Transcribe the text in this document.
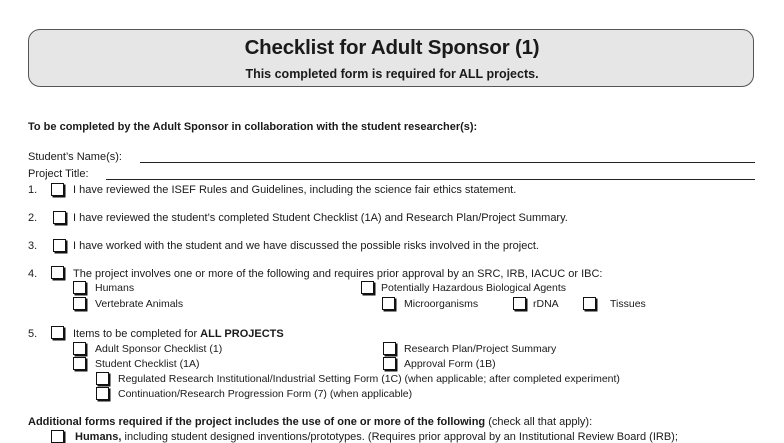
Checklist for Adult Sponsor (1)
This completed form is required for ALL projects.
To be completed by the Adult Sponsor in collaboration with the student researcher(s):
Student’s Name(s):
Project Title:
1.	I have reviewed the ISEF Rules and Guidelines, including the science fair ethics statement.
2.	I have reviewed the student’s completed Student Checklist (1A) and Research Plan/Project Summary.
3.	I have worked with the student and we have discussed the possible risks involved in the project.
4.	The project involves one or more of the following and requires prior approval by an SRC, IRB, IACUC or IBC:
Humans
Vertebrate Animals
Potentially Hazardous Biological Agents
Microorganisms	rDNA	Tissues
5.	Items to be completed for ALL PROJECTS
Adult Sponsor Checklist (1)
Student Checklist (1A)
Research Plan/Project Summary
Approval Form (1B)
Regulated Research Institutional/Industrial Setting Form (1C) (when applicable; after completed experiment)
Continuation/Research Progression Form (7) (when applicable)
Additional forms required if the project includes the use of one or more of the following (check all that apply):
Humans, including student designed inventions/prototypes. (Requires prior approval by an Institutional Review Board (IRB);
